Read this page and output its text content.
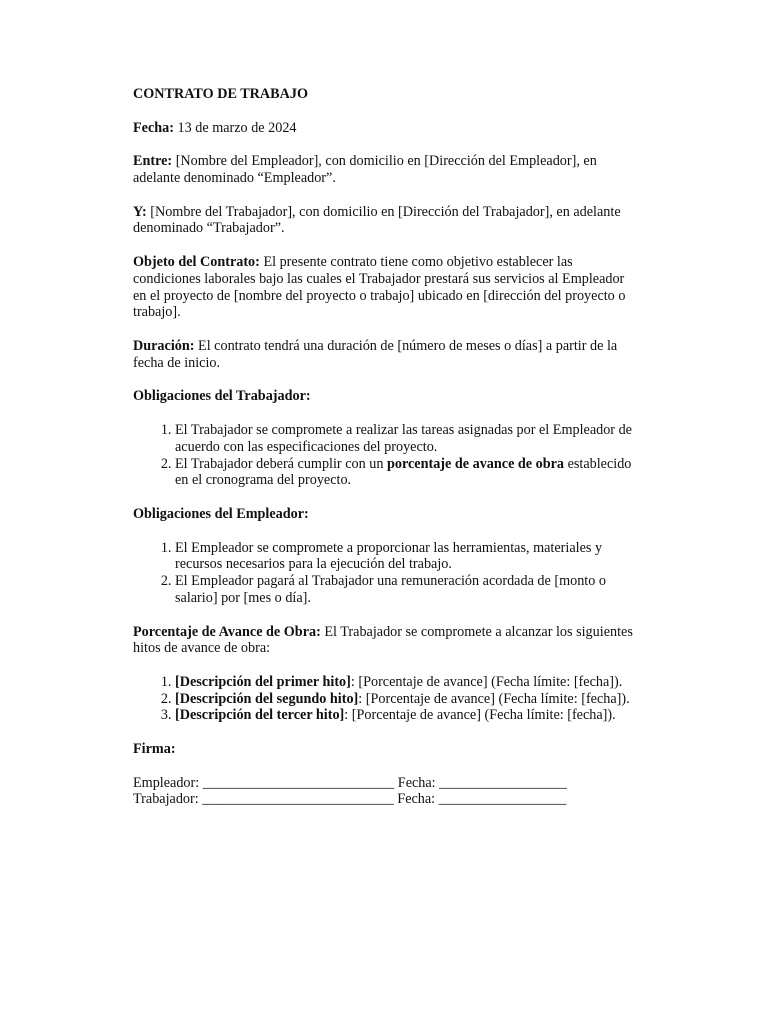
CONTRATO DE TRABAJO

Fecha: 13 de marzo de 2024

Entre: [Nombre del Empleador], con domicilio en [Dirección del Empleador], en adelante denominado “Empleador”.

Y: [Nombre del Trabajador], con domicilio en [Dirección del Trabajador], en adelante denominado “Trabajador”.

Objeto del Contrato: El presente contrato tiene como objetivo establecer las condiciones laborales bajo las cuales el Trabajador prestará sus servicios al Empleador en el proyecto de [nombre del proyecto o trabajo] ubicado en [dirección del proyecto o trabajo].

Duración: El contrato tendrá una duración de [número de meses o días] a partir de la fecha de inicio.

Obligaciones del Trabajador:

1. El Trabajador se compromete a realizar las tareas asignadas por el Empleador de acuerdo con las especificaciones del proyecto.
2. El Trabajador deberá cumplir con un porcentaje de avance de obra establecido en el cronograma del proyecto.

Obligaciones del Empleador:

1. El Empleador se compromete a proporcionar las herramientas, materiales y recursos necesarios para la ejecución del trabajo.
2. El Empleador pagará al Trabajador una remuneración acordada de [monto o salario] por [mes o día].

Porcentaje de Avance de Obra: El Trabajador se compromete a alcanzar los siguientes hitos de avance de obra:

1. [Descripción del primer hito]: [Porcentaje de avance] (Fecha límite: [fecha]).
2. [Descripción del segundo hito]: [Porcentaje de avance] (Fecha límite: [fecha]).
3. [Descripción del tercer hito]: [Porcentaje de avance] (Fecha límite: [fecha]).

Firma:

Empleador: ___________________________ Fecha: __________________

Trabajador: ___________________________ Fecha: __________________
